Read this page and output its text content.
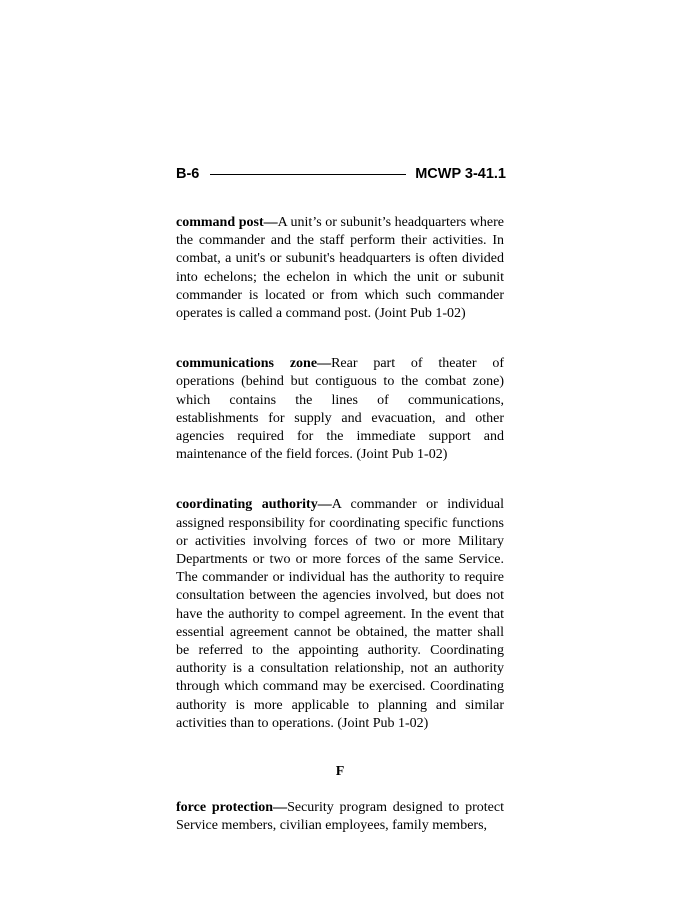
B-6	MCWP 3-41.1

command post—A unit’s or subunit’s headquarters where the commander and the staff perform their activities. In combat, a unit's or subunit's headquarters is often divided into echelons; the echelon in which the unit or subunit commander is located or from which such commander operates is called a command post. (Joint Pub 1-02)

communications zone—Rear part of theater of operations (behind but contiguous to the combat zone) which contains the lines of communications, establishments for supply and evacuation, and other agencies required for the immediate support and maintenance of the field forces. (Joint Pub 1-02)

coordinating authority—A commander or individual assigned responsibility for coordinating specific functions or activities involving forces of two or more Military Departments or two or more forces of the same Service. The commander or individual has the authority to require consultation between the agencies involved, but does not have the authority to compel agreement. In the event that essential agreement cannot be obtained, the matter shall be referred to the appointing authority. Coordinating authority is a consultation relationship, not an authority through which command may be exercised. Coordinating authority is more applicable to planning and similar activities than to operations. (Joint Pub 1-02)

F

force protection—Security program designed to protect Service members, civilian employees, family members,
